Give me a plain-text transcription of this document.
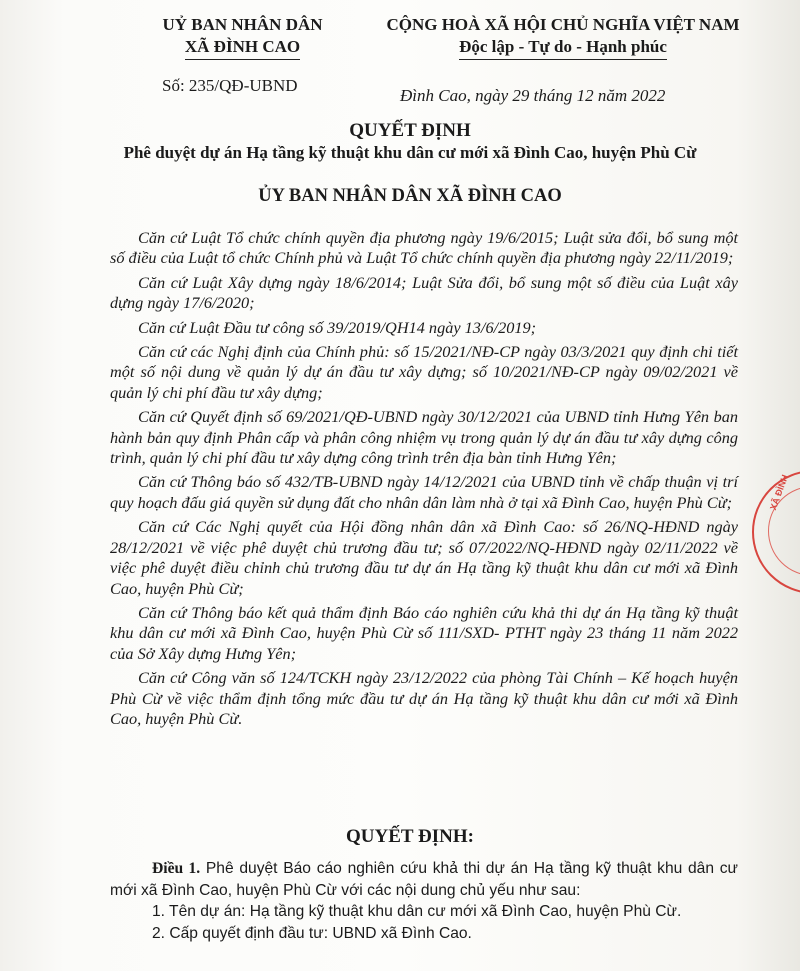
UỶ BAN NHÂN DÂN
XÃ ĐÌNH CAO
CỘNG HOÀ XÃ HỘI CHỦ NGHĨA VIỆT NAM
Độc lập - Tự do - Hạnh phúc
Số: 235/QĐ-UBND
Đình Cao, ngày 29 tháng 12 năm 2022
QUYẾT ĐỊNH
Phê duyệt dự án Hạ tầng kỹ thuật khu dân cư mới xã Đình Cao, huyện Phù Cừ
ỦY BAN NHÂN DÂN XÃ ĐÌNH CAO

Căn cứ Luật Tổ chức chính quyền địa phương ngày 19/6/2015; Luật sửa đổi, bổ sung một số điều của Luật tổ chức Chính phủ và Luật Tổ chức chính quyền địa phương ngày 22/11/2019;

Căn cứ Luật Xây dựng ngày 18/6/2014; Luật Sửa đổi, bổ sung một số điều của Luật xây dựng ngày 17/6/2020;

Căn cứ Luật Đầu tư công số 39/2019/QH14 ngày 13/6/2019;

Căn cứ các Nghị định của Chính phủ: số 15/2021/NĐ-CP ngày 03/3/2021 quy định chi tiết một số nội dung về quản lý dự án đầu tư xây dựng; số 10/2021/NĐ-CP ngày 09/02/2021 về quản lý chi phí đầu tư xây dựng;

Căn cứ Quyết định số 69/2021/QĐ-UBND ngày 30/12/2021 của UBND tỉnh Hưng Yên ban hành bản quy định Phân cấp và phân công nhiệm vụ trong quản lý dự án đầu tư xây dựng công trình, quản lý chi phí đầu tư xây dựng công trình trên địa bàn tỉnh Hưng Yên;

Căn cứ Thông báo số 432/TB-UBND ngày 14/12/2021 của UBND tỉnh về chấp thuận vị trí quy hoạch đấu giá quyền sử dụng đất cho nhân dân làm nhà ở tại xã Đình Cao, huyện Phù Cừ;

Căn cứ Các Nghị quyết của Hội đồng nhân dân xã Đình Cao: số 26/NQ-HĐND ngày 28/12/2021 về việc phê duyệt chủ trương đầu tư; số 07/2022/NQ-HĐND ngày 02/11/2022 về việc phê duyệt điều chỉnh chủ trương đầu tư dự án Hạ tầng kỹ thuật khu dân cư mới xã Đình Cao, huyện Phù Cừ;

Căn cứ Thông báo kết quả thẩm định Báo cáo nghiên cứu khả thi dự án Hạ tầng kỹ thuật khu dân cư mới xã Đình Cao, huyện Phù Cừ số 111/SXD- PTHT ngày 23 tháng 11 năm 2022 của Sở Xây dựng Hưng Yên;

Căn cứ Công văn số 124/TCKH ngày 23/12/2022 của phòng Tài Chính – Kế hoạch huyện Phù Cừ về việc thẩm định tổng mức đầu tư dự án Hạ tầng kỹ thuật khu dân cư mới xã Đình Cao, huyện Phù Cừ.

QUYẾT ĐỊNH:

Điều 1. Phê duyệt Báo cáo nghiên cứu khả thi dự án Hạ tầng kỹ thuật khu dân cư mới xã Đình Cao, huyện Phù Cừ với các nội dung chủ yếu như sau:

1. Tên dự án: Hạ tầng kỹ thuật khu dân cư mới xã Đình Cao, huyện Phù Cừ.

2. Cấp quyết định đầu tư: UBND xã Đình Cao.

XÃ ĐÌNH
